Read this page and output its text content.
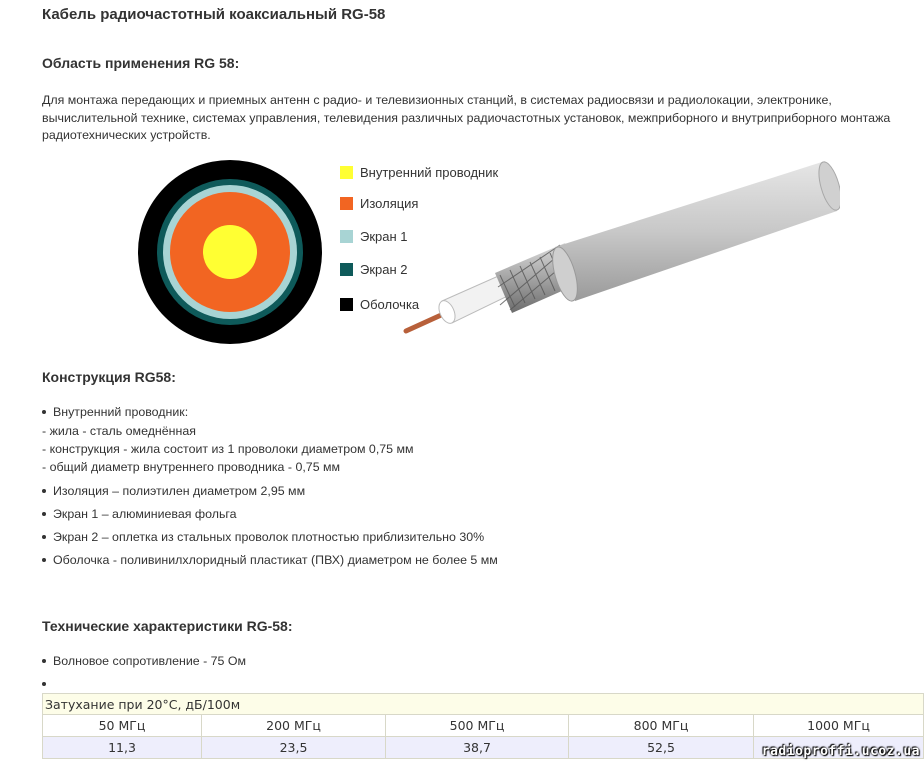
Кабель радиочастотный коаксиальный RG-58
Область применения RG 58:
Для монтажа передающих и приемных антенн с радио- и телевизионных станций, в системах радиосвязи и радиолокации, электронике, вычислительной технике, системах управления, телевидения различных радиочастотных установок, межприборного и внутриприборного монтажа радиотехнических устройств.
Внутренний проводник
Изоляция
Экран 1
Экран 2
Оболочка
Конструкция RG58:
Внутренний проводник:
- жила - сталь омеднённая
- конструкция - жила состоит из 1 проволоки диаметром 0,75 мм
- общий диаметр внутреннего проводника - 0,75 мм
Изоляция – полиэтилен диаметром 2,95 мм
Экран 1 – алюминиевая фольга
Экран 2 – оплетка из стальных проволок плотностью приблизительно 30%
Оболочка - поливинилхлоридный пластикат (ПВХ) диаметром не более 5 мм
Технические характеристики RG-58:
Волновое сопротивление - 75 Ом
Затухание при 20°С, дБ/100м				
50 МГц	200 МГц	500 МГц	800 МГц	1000 МГц
11,3	23,5	38,7	52,5		radioproffi.ucoz.ua
